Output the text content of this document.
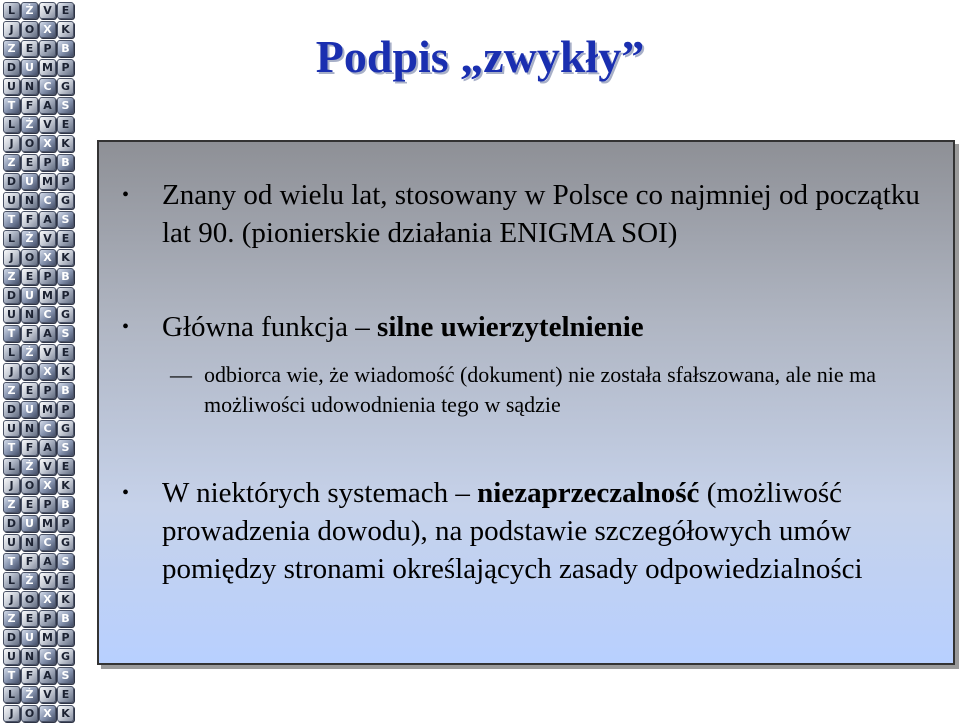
L Ż V E
J	O X K
Z E P B
D U M P
U N C G
T F A S
L Ż V E
J	O X K
Z E P B
D U M P
U N C G
T F A S
L Ż V E
J	O X K
Z E P B
D U M P
U N C G
T F A S
L Ż V E
J	O X K
Z E P B
D U M P
U N C G
T F A S
L Ż V E
J	O X K
Z E P B
D U M P
U N C G
T F A S
L Ż V E
J	O X K
Z E P B
D U M P
U N C G
T F A S
L Ż V E
J	O X K
Podpis „zwykły”
• Znany od wielu lat, stosowany w Polsce co najmniej od początku lat 90. (pionierskie działania ENIGMA SOI)
• Główna funkcja – silne uwierzytelnienie
— odbiorca wie, że wiadomość (dokument) nie została sfałszowana, ale nie ma możliwości udowodnienia tego w sądzie
• W niektórych systemach – niezaprzeczalność (możliwość prowadzenia dowodu), na podstawie szczegółowych umów pomiędzy stronami określających zasady odpowiedzialności
